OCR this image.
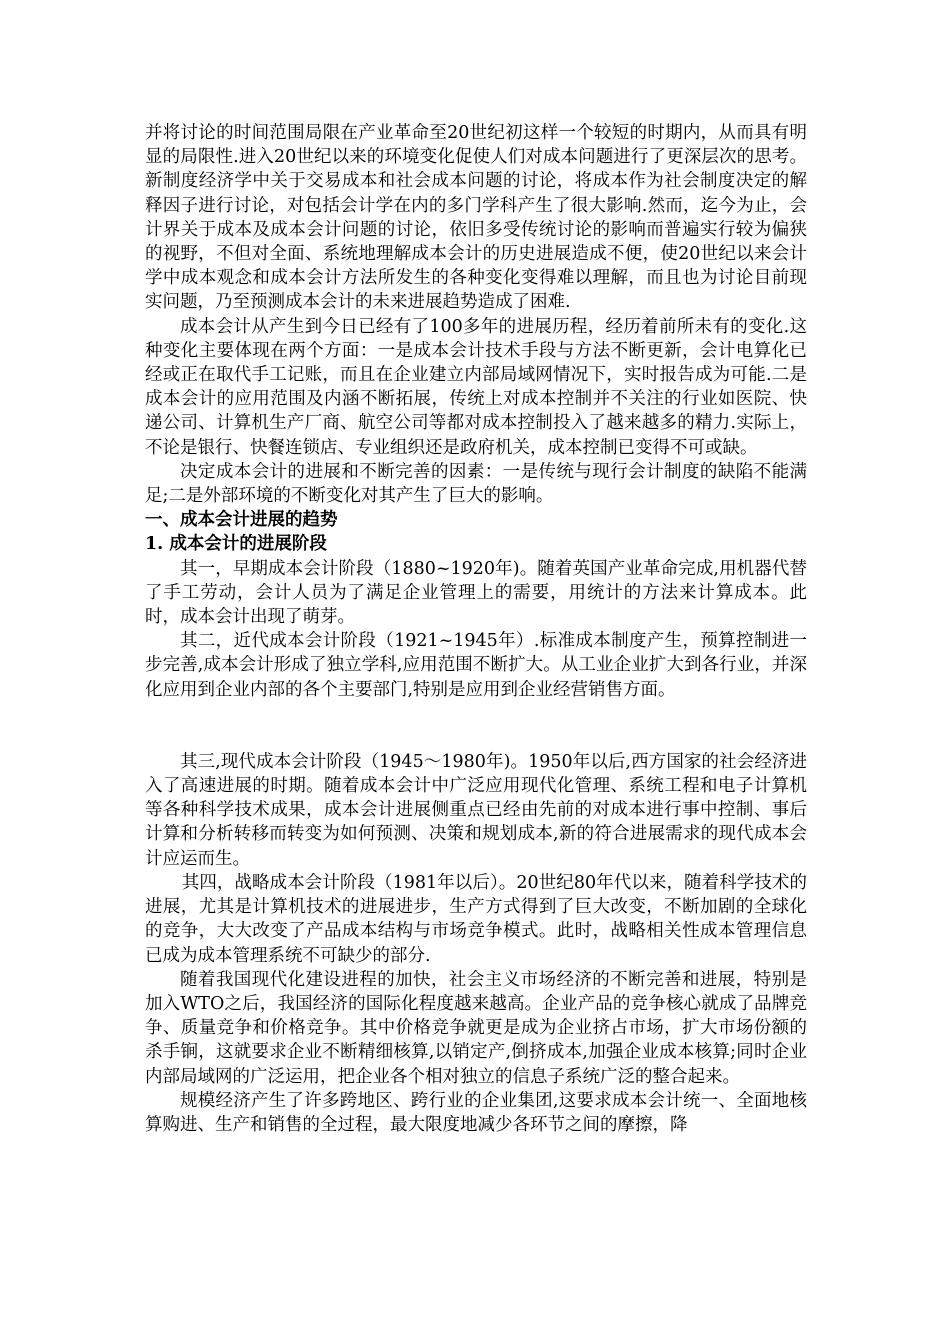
并将讨论的时间范围局限在产业革命至20世纪初这样一个较短的时期内，从而具有明显的局限性.进入20世纪以来的环境变化促使人们对成本问题进行了更深层次的思考。新制度经济学中关于交易成本和社会成本问题的讨论，将成本作为社会制度决定的解释因子进行讨论，对包括会计学在内的多门学科产生了很大影响.然而，迄今为止，会计界关于成本及成本会计问题的讨论，依旧多受传统讨论的影响而普遍实行较为偏狭的视野，不但对全面、系统地理解成本会计的历史进展造成不便，使20世纪以来会计学中成本观念和成本会计方法所发生的各种变化变得难以理解，而且也为讨论目前现实问题，乃至预测成本会计的未来进展趋势造成了困难.

成本会计从产生到今日已经有了100多年的进展历程，经历着前所未有的变化.这种变化主要体现在两个方面：一是成本会计技术手段与方法不断更新，会计电算化已经或正在取代手工记账，而且在企业建立内部局域网情况下，实时报告成为可能.二是成本会计的应用范围及内涵不断拓展，传统上对成本控制并不关注的行业如医院、快递公司、计算机生产厂商、航空公司等都对成本控制投入了越来越多的精力.实际上，不论是银行、快餐连锁店、专业组织还是政府机关，成本控制已变得不可或缺。

决定成本会计的进展和不断完善的因素：一是传统与现行会计制度的缺陷不能满足;二是外部环境的不断变化对其产生了巨大的影响。

一、成本会计进展的趋势

1. 成本会计的进展阶段

其一，早期成本会计阶段（1880~1920年)。随着英国产业革命完成,用机器代替了手工劳动，会计人员为了满足企业管理上的需要，用统计的方法来计算成本。此时，成本会计出现了萌芽。

其二，近代成本会计阶段（1921~1945年）.标准成本制度产生，预算控制进一步完善,成本会计形成了独立学科,应用范围不断扩大。从工业企业扩大到各行业，并深化应用到企业内部的各个主要部门,特别是应用到企业经营销售方面。

其三,现代成本会计阶段（1945～1980年)。1950年以后,西方国家的社会经济进入了高速进展的时期。随着成本会计中广泛应用现代化管理、系统工程和电子计算机等各种科学技术成果，成本会计进展侧重点已经由先前的对成本进行事中控制、事后计算和分析转移而转变为如何预测、决策和规划成本,新的符合进展需求的现代成本会计应运而生。

其四，战略成本会计阶段（1981年以后）。20世纪80年代以来，随着科学技术的进展，尤其是计算机技术的进展进步，生产方式得到了巨大改变，不断加剧的全球化的竞争，大大改变了产品成本结构与市场竞争模式。此时，战略相关性成本管理信息已成为成本管理系统不可缺少的部分.

随着我国现代化建设进程的加快，社会主义市场经济的不断完善和进展，特别是加入WTO之后，我国经济的国际化程度越来越高。企业产品的竞争核心就成了品牌竞争、质量竞争和价格竞争。其中价格竞争就更是成为企业挤占市场，扩大市场份额的杀手锏，这就要求企业不断精细核算,以销定产,倒挤成本,加强企业成本核算;同时企业内部局域网的广泛运用，把企业各个相对独立的信息子系统广泛的整合起来。

规模经济产生了许多跨地区、跨行业的企业集团,这要求成本会计统一、全面地核算购进、生产和销售的全过程，最大限度地减少各环节之间的摩擦，降
